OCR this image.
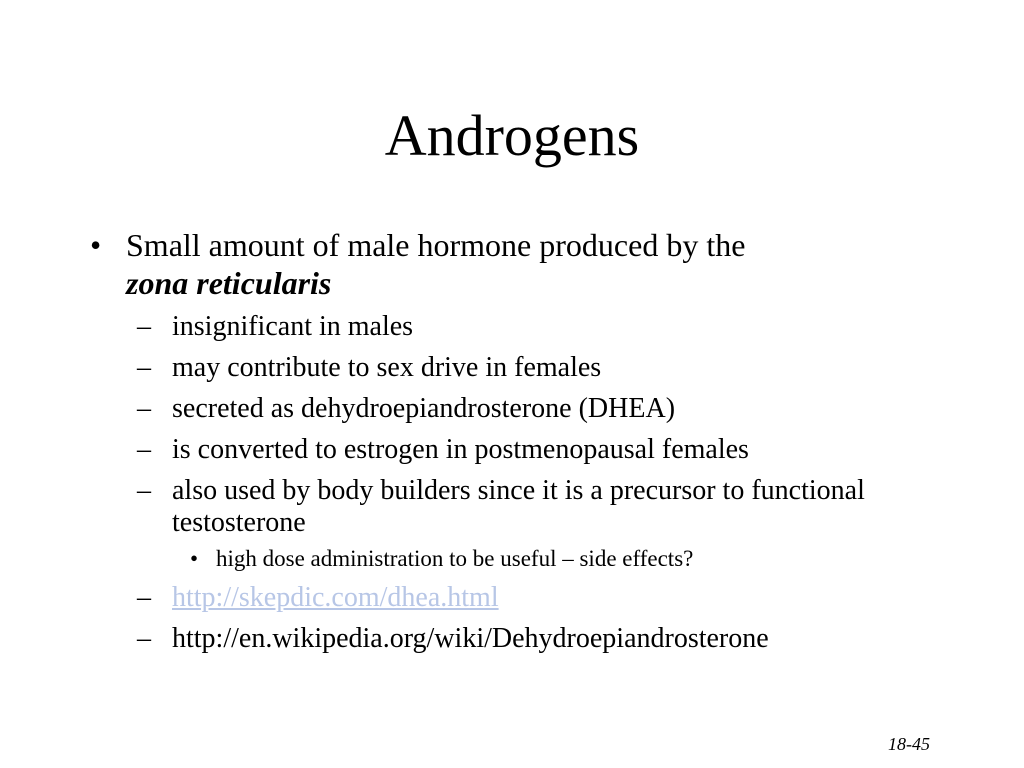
Androgens
• Small amount of male hormone produced by the
zona reticularis
– insignificant in males
– may contribute to sex drive in females
– secreted as dehydroepiandrosterone (DHEA)
– is converted to estrogen in postmenopausal females
– also used by body builders since it is a precursor to functional testosterone
• high dose administration to be useful – side effects?
– http://skepdic.com/dhea.html
– http://en.wikipedia.org/wiki/Dehydroepiandrosterone
18-45
